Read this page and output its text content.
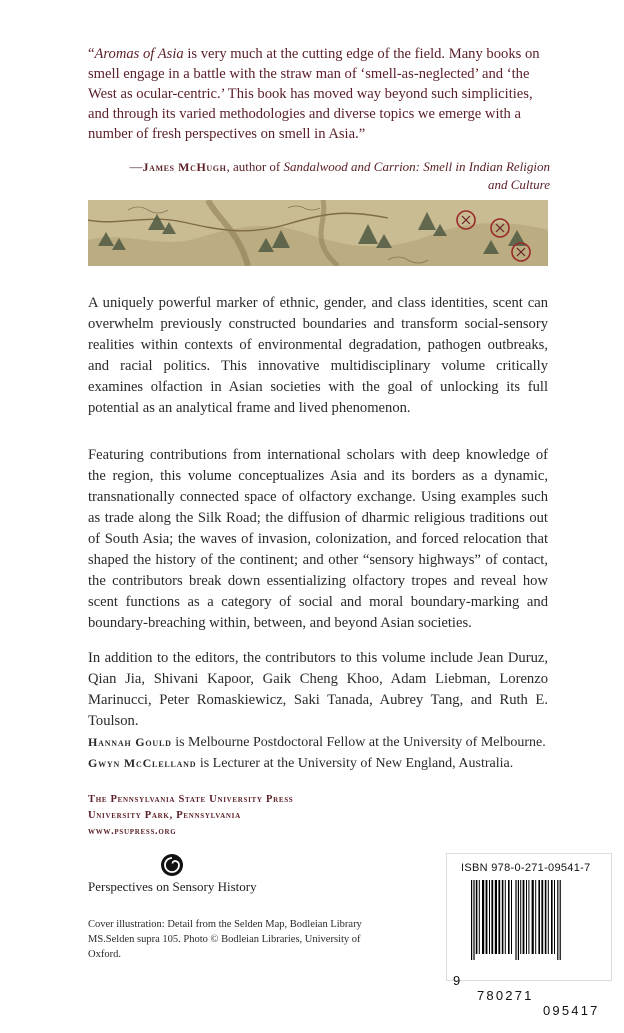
“Aromas of Asia is very much at the cutting edge of the field. Many books on smell engage in a battle with the straw man of ‘smell-as-neglected’ and ‘the West as ocular-centric.’ This book has moved way beyond such simplicities, and through its varied methodologies and diverse topics we emerge with a number of fresh perspectives on smell in Asia.”
—James McHugh, author of Sandalwood and Carrion: Smell in Indian Religion and Culture
A uniquely powerful marker of ethnic, gender, and class identities, scent can overwhelm previously constructed boundaries and transform social-sensory realities within contexts of environmental degradation, pathogen outbreaks, and racial politics. This innovative multidisciplinary volume critically examines olfaction in Asian societies with the goal of unlocking its full potential as an analytical frame and lived phenomenon.
Featuring contributions from international scholars with deep knowledge of the region, this volume conceptualizes Asia and its borders as a dynamic, transnationally connected space of olfactory exchange. Using examples such as trade along the Silk Road; the diffusion of dharmic religious traditions out of South Asia; the waves of invasion, colonization, and forced relocation that shaped the history of the continent; and other “sensory highways” of contact, the contributors break down essentializing olfactory tropes and reveal how scent functions as a category of social and moral boundary-marking and boundary-breaching within, between, and beyond Asian societies.
In addition to the editors, the contributors to this volume include Jean Duruz, Qian Jia, Shivani Kapoor, Gaik Cheng Khoo, Adam Liebman, Lorenzo Marinucci, Peter Romaskiewicz, Saki Tanada, Aubrey Tang, and Ruth E. Toulson.
Hannah Gould is Melbourne Postdoctoral Fellow at the University of Melbourne.
Gwyn McClelland is Lecturer at the University of New England, Australia.
The Pennsylvania State University Press
University Park, Pennsylvania
www.psupress.org
Perspectives on Sensory History
Cover illustration: Detail from the Selden Map, Bodleian Library MS.Selden supra 105. Photo © Bodleian Libraries, University of Oxford.
ISBN 978-0-271-09541-7

9

780271

095417
